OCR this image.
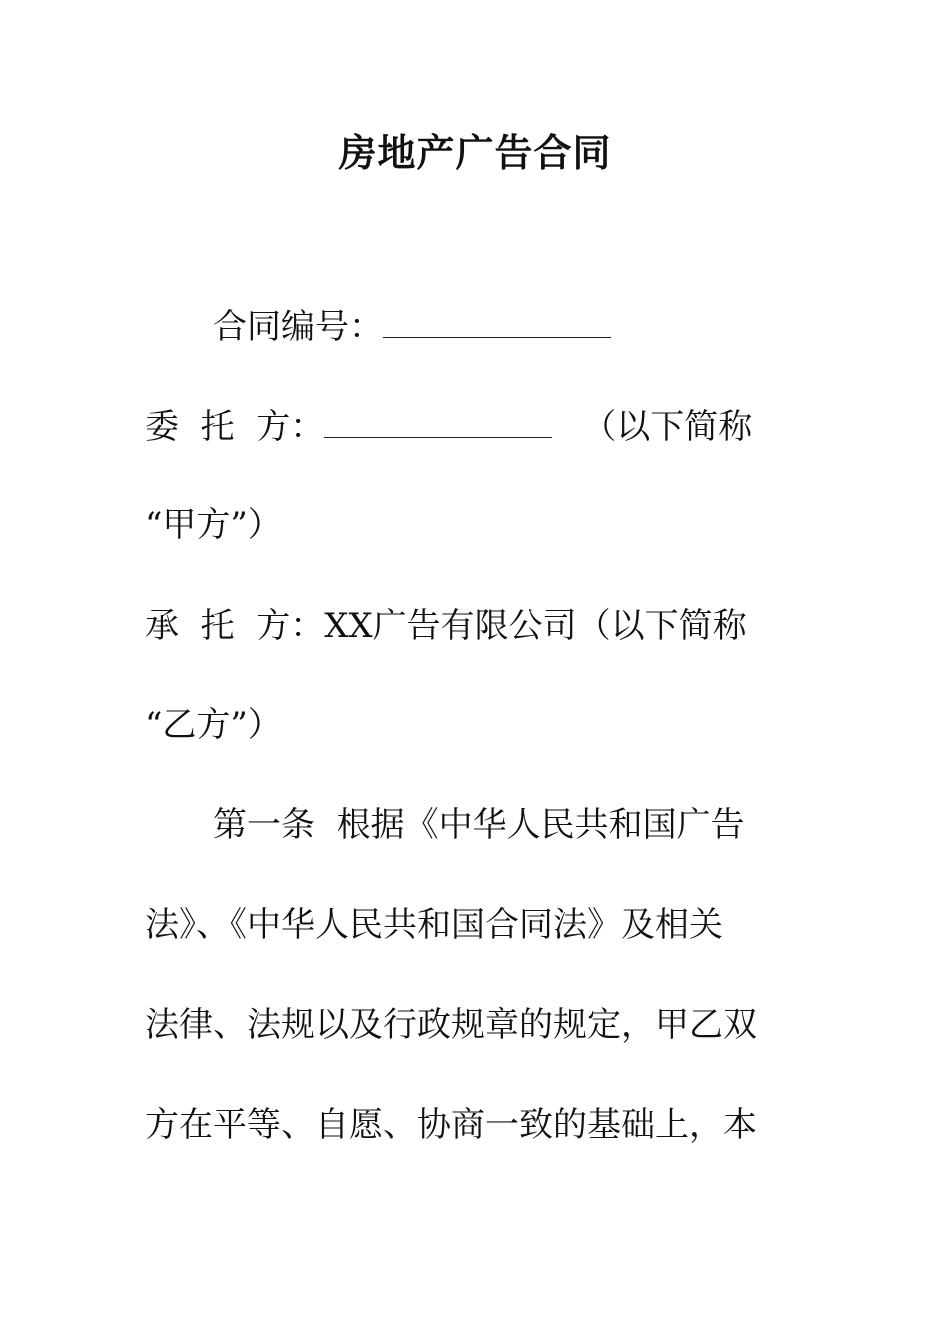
房地产广告合同
合同编号：
委  托  方：	（以下简称
“甲方”）
承  托  方：XX广告有限公司（以下简称
“乙方”）
第一条  根据《中华人民共和国广告
法》、《中华人民共和国合同法》及相关
法律、法规以及行政规章的规定，甲乙双
方在平等、自愿、协商一致的基础上，本
